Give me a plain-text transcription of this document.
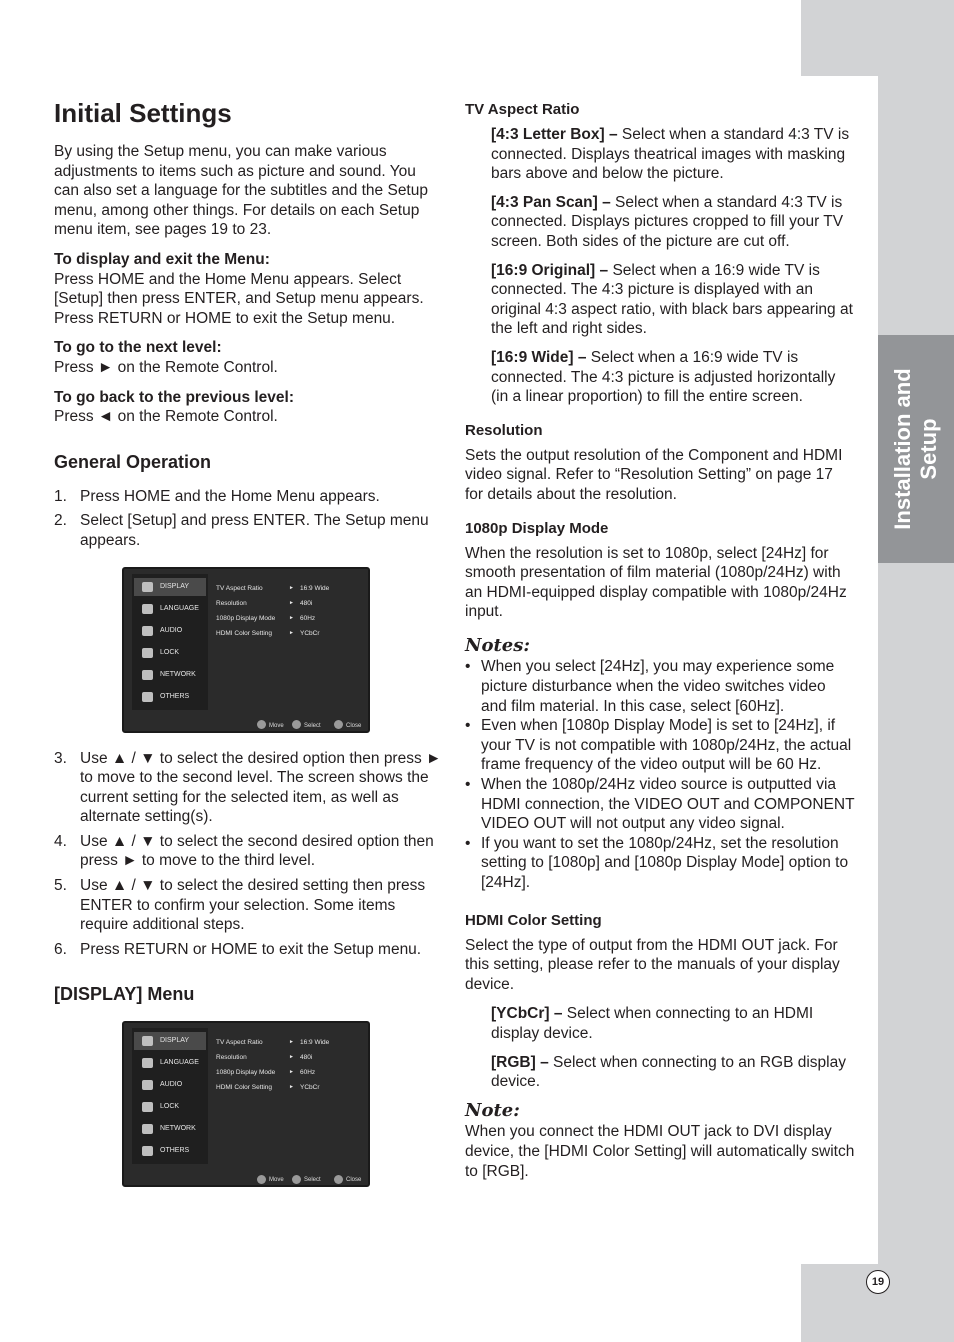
Installation and Setup
19
Initial Settings

By using the Setup menu, you can make various adjustments to items such as picture and sound. You can also set a language for the subtitles and the Setup menu, among other things. For details on each Setup menu item, see pages 19 to 23.

To display and exit the Menu:
Press HOME and the Home Menu appears. Select [Setup] then press ENTER, and Setup menu appears.
Press RETURN or HOME to exit the Setup menu.
To go to the next level:
Press ► on the Remote Control.
To go back to the previous level:
Press ◄ on the Remote Control.
General Operation
1. Press HOME and the Home Menu appears.
2. Select [Setup] and press ENTER. The Setup menu appears.
DISPLAY
LANGUAGE
AUDIO
LOCK
NETWORK
OTHERS
TV Aspect Ratio	► 16:9 Wide
Resolution	► 480i
1080p Display Mode	► 60Hz
HDMI Color Setting	► YCbCr
Move	Select	Close
3. Use ▲ / ▼ to select the desired option then press ► to move to the second level. The screen shows the current setting for the selected item, as well as alternate setting(s).
4. Use ▲ / ▼ to select the second desired option then press ► to move to the third level.
5. Use ▲ / ▼ to select the desired setting then press ENTER to confirm your selection. Some items require additional steps.
6. Press RETURN or HOME to exit the Setup menu.
[DISPLAY] Menu
DISPLAY
LANGUAGE
AUDIO
LOCK
NETWORK
OTHERS
TV Aspect Ratio	► 16:9 Wide
Resolution	► 480i
1080p Display Mode	► 60Hz
HDMI Color Setting	► YCbCr
Move	Select	Close
TV Aspect Ratio
[4:3 Letter Box] – Select when a standard 4:3 TV is connected. Displays theatrical images with masking bars above and below the picture.
[4:3 Pan Scan] – Select when a standard 4:3 TV is connected. Displays pictures cropped to fill your TV screen. Both sides of the picture are cut off.
[16:9 Original] – Select when a 16:9 wide TV is connected. The 4:3 picture is displayed with an original 4:3 aspect ratio, with black bars appearing at the left and right sides.
[16:9 Wide] – Select when a 16:9 wide TV is connected. The 4:3 picture is adjusted horizontally (in a linear proportion) to fill the entire screen.
Resolution

Sets the output resolution of the Component and HDMI video signal. Refer to “Resolution Setting” on page 17 for details about the resolution.

1080p Display Mode

When the resolution is set to 1080p, select [24Hz] for smooth presentation of film material (1080p/24Hz) with an HDMI-equipped display compatible with 1080p/24Hz input.

Notes:
• When you select [24Hz], you may experience some picture disturbance when the video switches video and film material. In this case, select [60Hz].
• Even when [1080p Display Mode] is set to [24Hz], if your TV is not compatible with 1080p/24Hz, the actual frame frequency of the video output will be 60 Hz.
• When the 1080p/24Hz video source is outputted via HDMI connection, the VIDEO OUT and COMPONENT VIDEO OUT will not output any video signal.
• If you want to set the 1080p/24Hz, set the resolution setting to [1080p] and [1080p Display Mode] option to [24Hz].
HDMI Color Setting

Select the type of output from the HDMI OUT jack. For this setting, please refer to the manuals of your display device.

[YCbCr] – Select when connecting to an HDMI display device.
[RGB] – Select when connecting to an RGB display device.
Note:

When you connect the HDMI OUT jack to DVI display device, the [HDMI Color Setting] will automatically switch to [RGB].
